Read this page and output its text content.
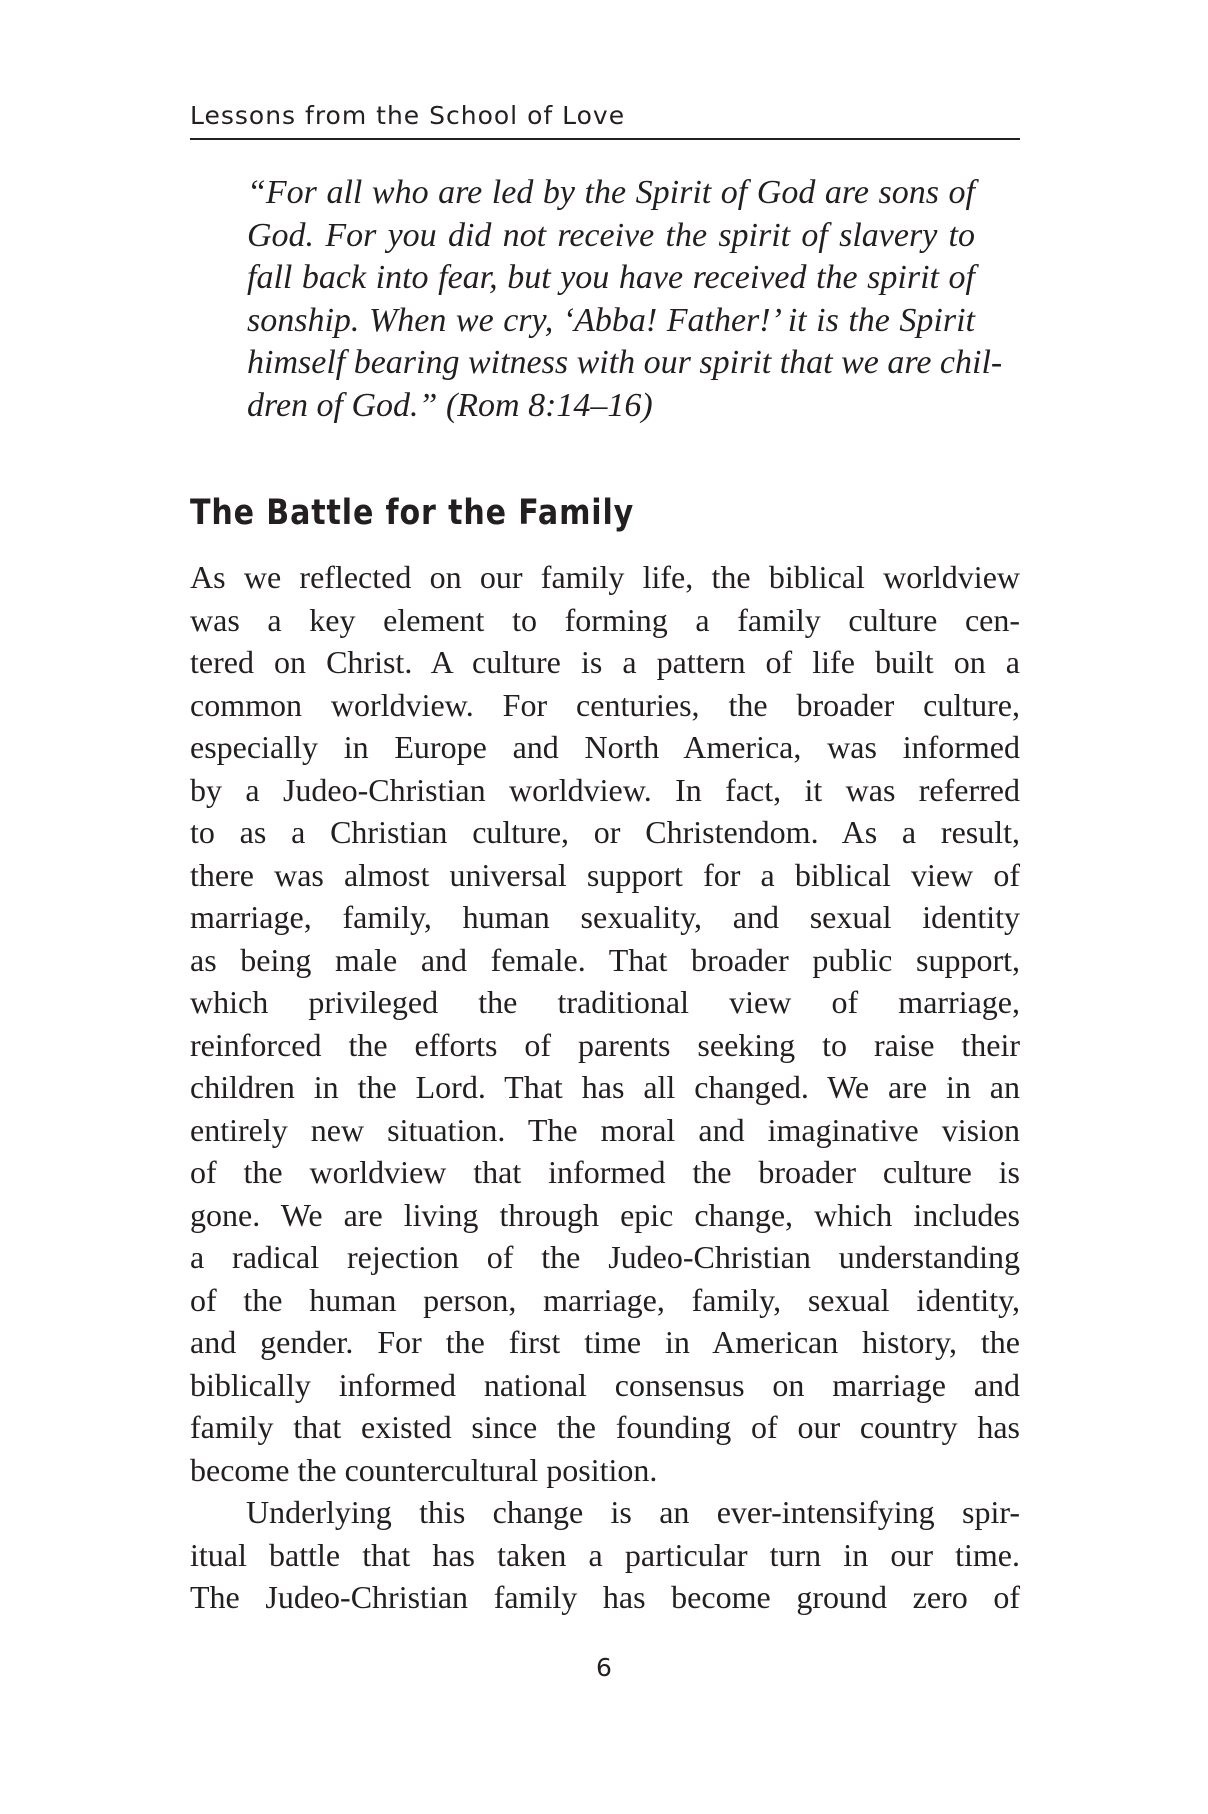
Lessons from the School of Love
“For all who are led by the Spirit of God are sons of
God. For you did not receive the spirit of slavery to
fall back into fear, but you have received the spirit of
sonship. When we cry, ‘Abba! Father!’ it is the Spirit
himself bearing witness with our spirit that we are chil-
dren of God.” (Rom 8:14–16)
The Battle for the Family
As we reflected on our family life, the biblical worldview
was a key element to forming a family culture cen-
tered on Christ. A culture is a pattern of life built on a
common worldview. For centuries, the broader culture,
especially in Europe and North America, was informed
by a Judeo-Christian worldview. In fact, it was referred
to as a Christian culture, or Christendom. As a result,
there was almost universal support for a biblical view of
marriage, family, human sexuality, and sexual identity
as being male and female. That broader public support,
which privileged the traditional view of marriage,
reinforced the efforts of parents seeking to raise their
children in the Lord. That has all changed. We are in an
entirely new situation. The moral and imaginative vision
of the worldview that informed the broader culture is
gone. We are living through epic change, which includes
a radical rejection of the Judeo-Christian understanding
of the human person, marriage, family, sexual identity,
and gender. For the first time in American history, the
biblically informed national consensus on marriage and
family that existed since the founding of our country has
become the countercultural position.
Underlying this change is an ever-intensifying spir-
itual battle that has taken a particular turn in our time.
The Judeo-Christian family has become ground zero of
6
